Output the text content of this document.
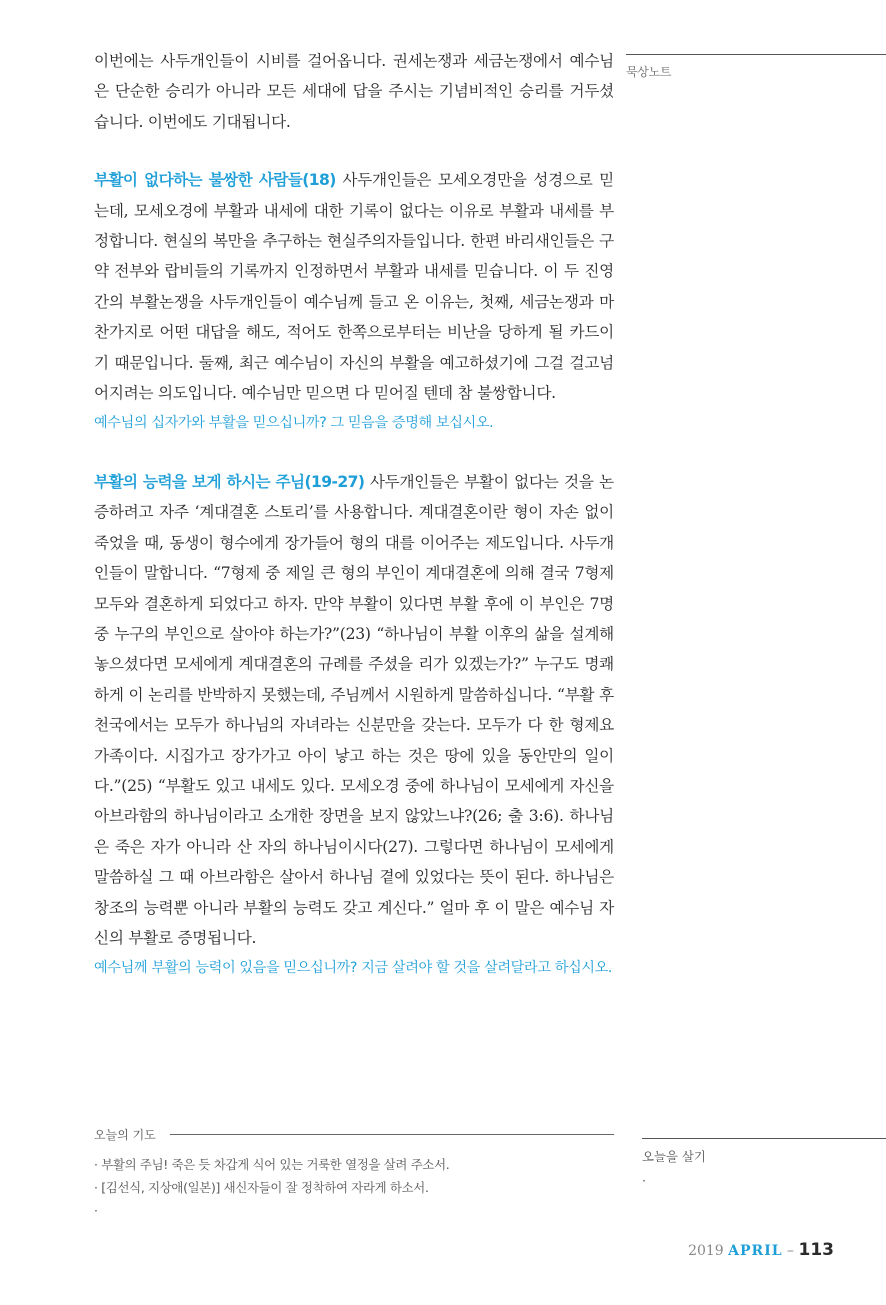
묵상노트

이번에는 사두개인들이 시비를 걸어옵니다. 권세논쟁과 세금논쟁에서 예수님은 단순한 승리가 아니라 모든 세대에 답을 주시는 기념비적인 승리를 거두셨습니다. 이번에도 기대됩니다.

부활이 없다하는 불쌍한 사람들(18) 사두개인들은 모세오경만을 성경으로 믿는데, 모세오경에 부활과 내세에 대한 기록이 없다는 이유로 부활과 내세를 부정합니다. 현실의 복만을 추구하는 현실주의자들입니다. 한편 바리새인들은 구약 전부와 랍비들의 기록까지 인정하면서 부활과 내세를 믿습니다. 이 두 진영 간의 부활논쟁을 사두개인들이 예수님께 들고 온 이유는, 첫째, 세금논쟁과 마찬가지로 어떤 대답을 해도, 적어도 한쪽으로부터는 비난을 당하게 될 카드이기 때문입니다. 둘째, 최근 예수님이 자신의 부활을 예고하셨기에 그걸 걸고넘어지려는 의도입니다. 예수님만 믿으면 다 믿어질 텐데 참 불쌍합니다.

예수님의 십자가와 부활을 믿으십니까? 그 믿음을 증명해 보십시오.

부활의 능력을 보게 하시는 주님(19-27) 사두개인들은 부활이 없다는 것을 논증하려고 자주 ‘계대결혼 스토리’를 사용합니다. 계대결혼이란 형이 자손 없이 죽었을 때, 동생이 형수에게 장가들어 형의 대를 이어주는 제도입니다. 사두개인들이 말합니다. “7형제 중 제일 큰 형의 부인이 계대결혼에 의해 결국 7형제 모두와 결혼하게 되었다고 하자. 만약 부활이 있다면 부활 후에 이 부인은 7명 중 누구의 부인으로 살아야 하는가?”(23) “하나님이 부활 이후의 삶을 설계해 놓으셨다면 모세에게 계대결혼의 규례를 주셨을 리가 있겠는가?” 누구도 명쾌하게 이 논리를 반박하지 못했는데, 주님께서 시원하게 말씀하십니다. “부활 후 천국에서는 모두가 하나님의 자녀라는 신분만을 갖는다. 모두가 다 한 형제요 가족이다. 시집가고 장가가고 아이 낳고 하는 것은 땅에 있을 동안만의 일이다.”(25) “부활도 있고 내세도 있다. 모세오경 중에 하나님이 모세에게 자신을 아브라함의 하나님이라고 소개한 장면을 보지 않았느냐?(26; 출 3:6). 하나님은 죽은 자가 아니라 산 자의 하나님이시다(27). 그렇다면 하나님이 모세에게 말씀하실 그 때 아브라함은 살아서 하나님 곁에 있었다는 뜻이 된다. 하나님은 창조의 능력뿐 아니라 부활의 능력도 갖고 계신다.” 얼마 후 이 말은 예수님 자신의 부활로 증명됩니다.

예수님께 부활의 능력이 있음을 믿으십니까? 지금 살려야 할 것을 살려달라고 하십시오.

오늘의 기도
· 부활의 주님! 죽은 듯 차갑게 식어 있는 거룩한 열정을 살려 주소서.
· [김선식, 지상애(일본)] 새신자들이 잘 정착하여 자라게 하소서.
·
오늘을 살기
·
2019 APRIL – 113
